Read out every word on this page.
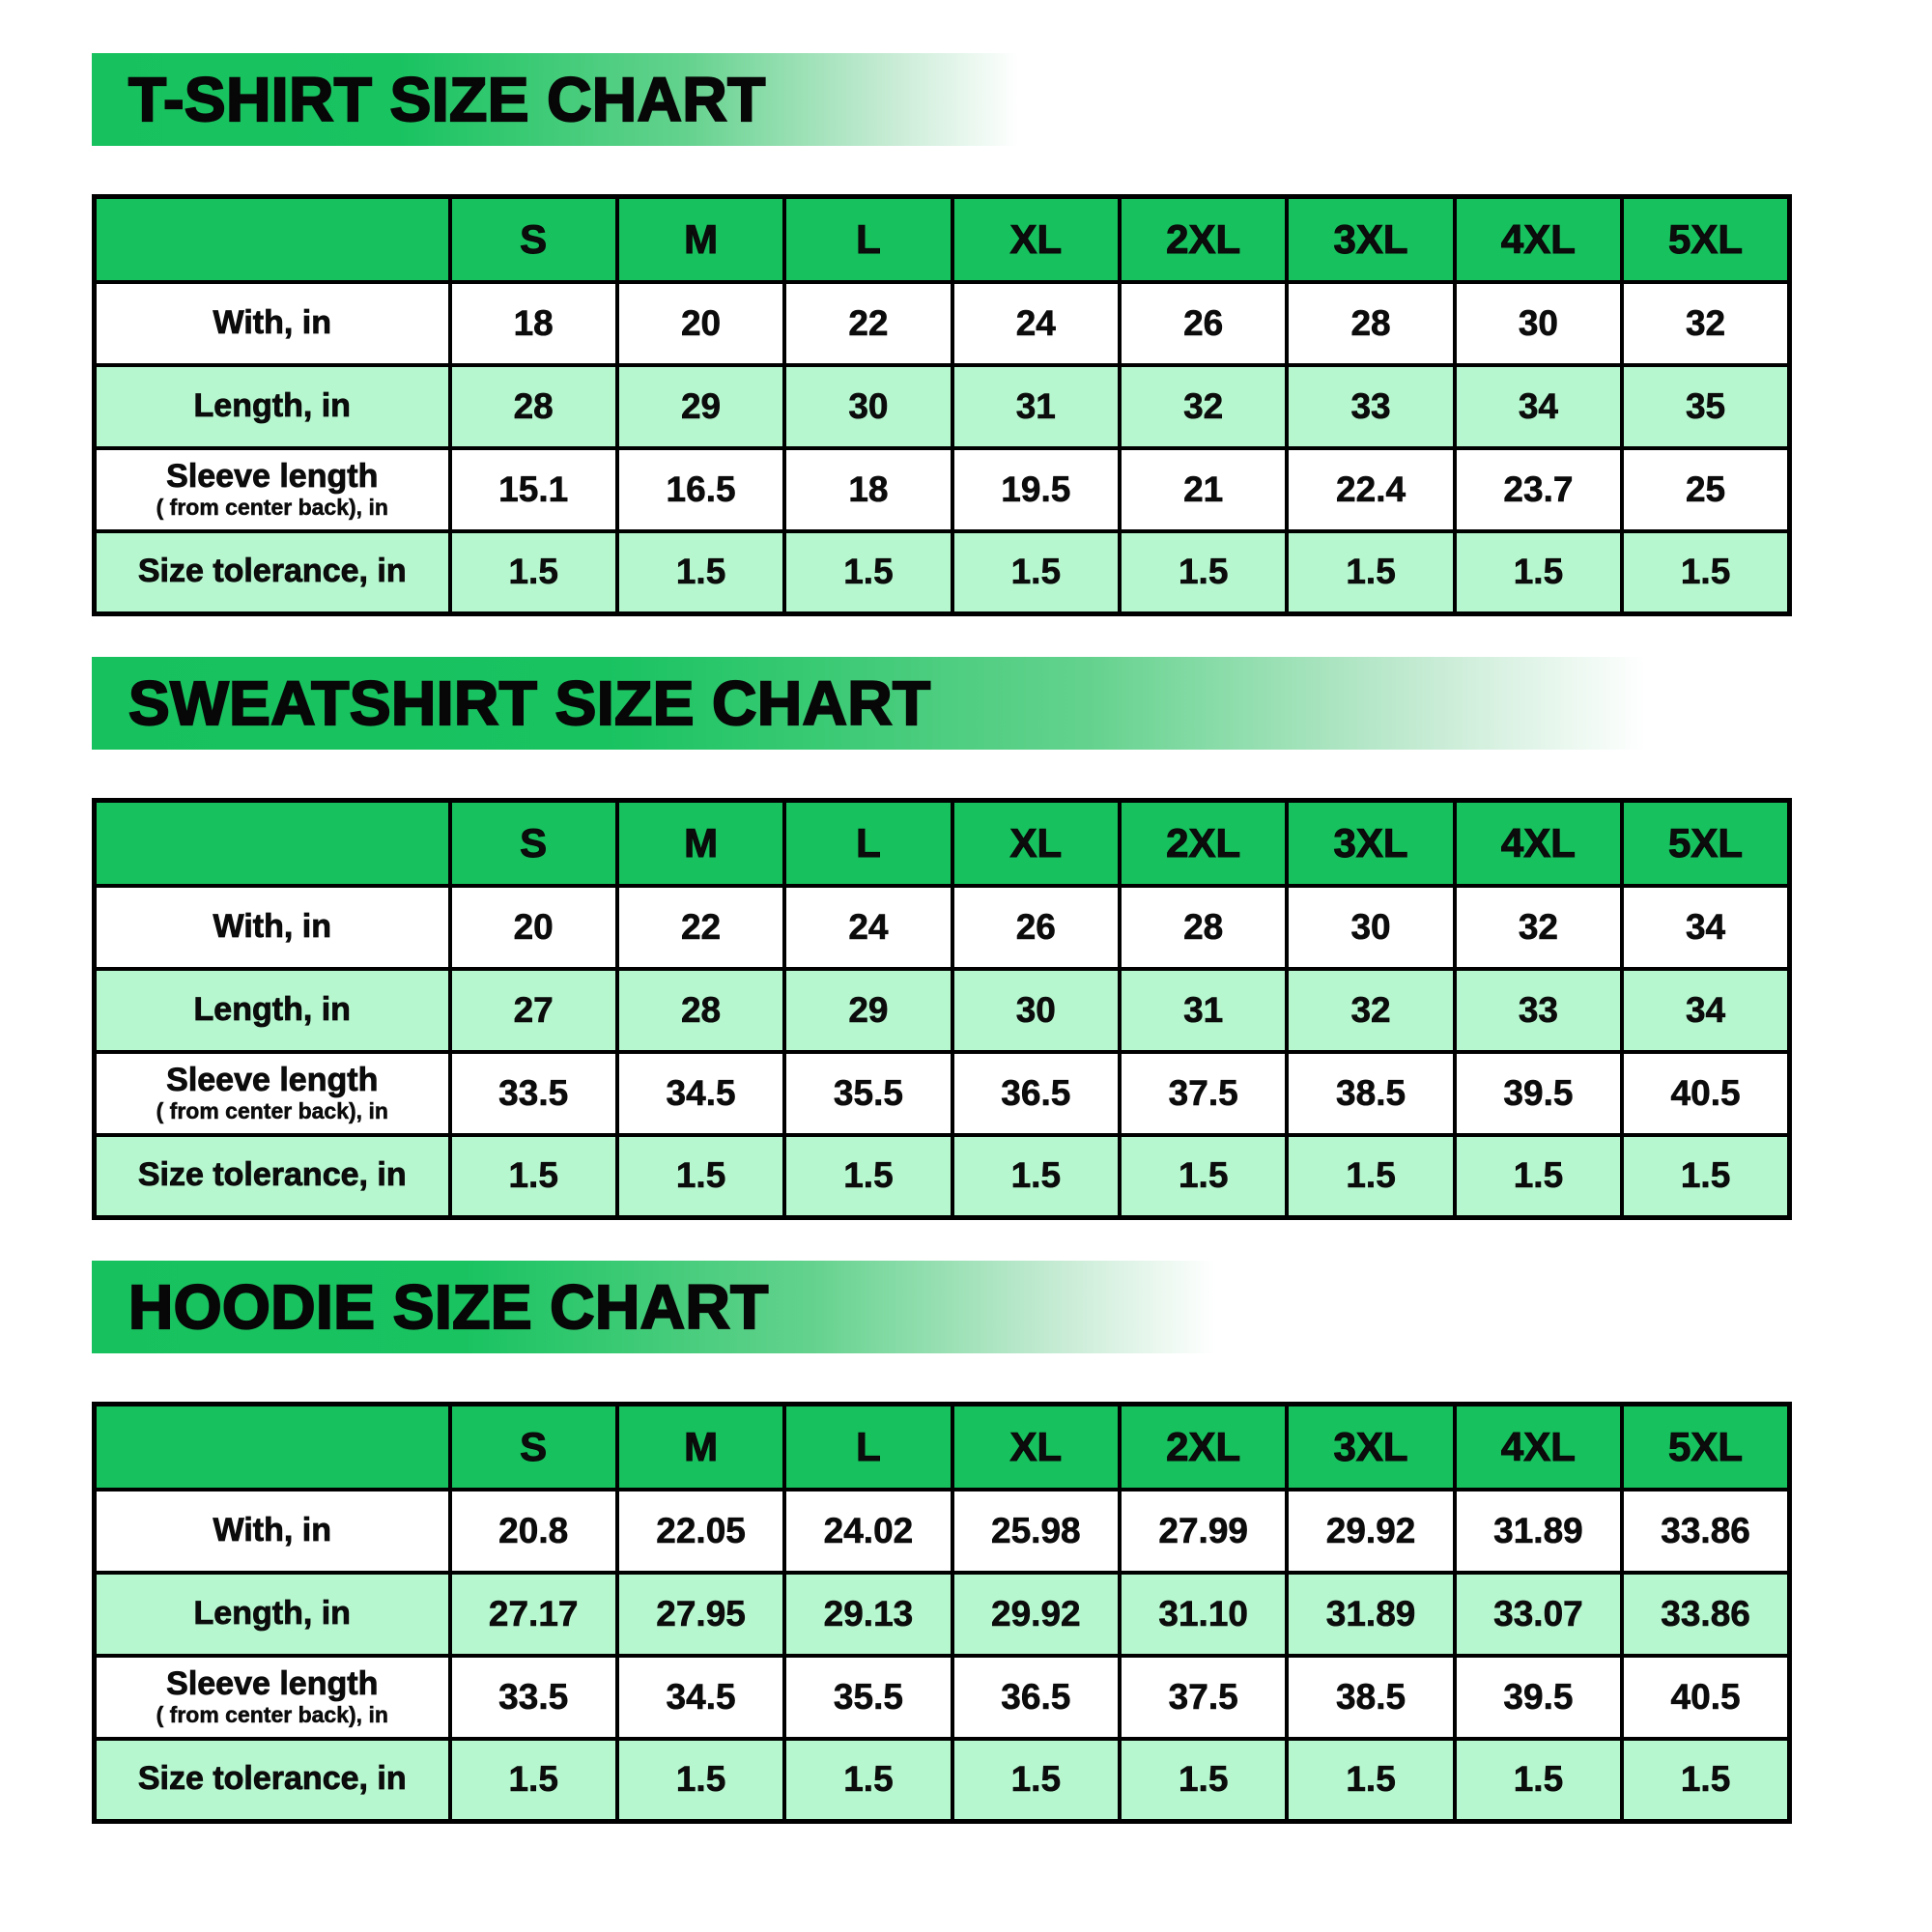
T-SHIRT SIZE CHART
	S	M	L	XL	2XL	3XL	4XL	5XL
With, in	18	20	22	24	26	28	30	32
Length, in	28	29	30	31	32	33	34	35
Sleeve length
( from center back), in	15.1	16.5	18	19.5	21	22.4	23.7	25
Size tolerance, in	1.5	1.5	1.5	1.5	1.5	1.5	1.5	1.5
SWEATSHIRT SIZE CHART
	S	M	L	XL	2XL	3XL	4XL	5XL
With, in	20	22	24	26	28	30	32	34
Length, in	27	28	29	30	31	32	33	34
Sleeve length
( from center back), in	33.5	34.5	35.5	36.5	37.5	38.5	39.5	40.5
Size tolerance, in	1.5	1.5	1.5	1.5	1.5	1.5	1.5	1.5
HOODIE SIZE CHART
	S	M	L	XL	2XL	3XL	4XL	5XL
With, in	20.8	22.05	24.02	25.98	27.99	29.92	31.89	33.86
Length, in	27.17	27.95	29.13	29.92	31.10	31.89	33.07	33.86
Sleeve length
( from center back), in	33.5	34.5	35.5	36.5	37.5	38.5	39.5	40.5
Size tolerance, in	1.5	1.5	1.5	1.5	1.5	1.5	1.5	1.5
